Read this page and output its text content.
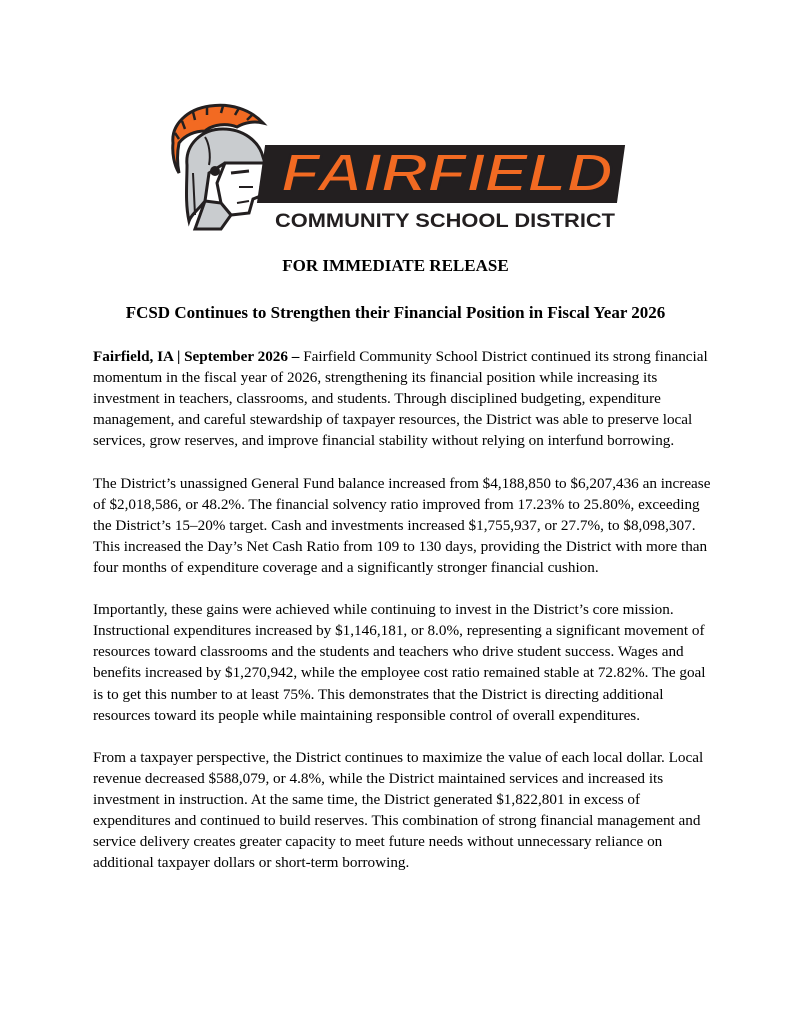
FAIRFIELD
COMMUNITY SCHOOL DISTRICT
FOR IMMEDIATE RELEASE
FCSD Continues to Strengthen their Financial Position in Fiscal Year 2026

Fairfield, IA | September 2026 – Fairfield Community School District continued its strong financial momentum in the fiscal year of 2026, strengthening its financial position while increasing its investment in teachers, classrooms, and students. Through disciplined budgeting, expenditure management, and careful stewardship of taxpayer resources, the District was able to preserve local services, grow reserves, and improve financial stability without relying on interfund borrowing.

The District’s unassigned General Fund balance increased from $4,188,850 to $6,207,436 an increase of $2,018,586, or 48.2%. The financial solvency ratio improved from 17.23% to 25.80%, exceeding the District’s 15–20% target. Cash and investments increased $1,755,937, or 27.7%, to $8,098,307. This increased the Day’s Net Cash Ratio from 109 to 130 days, providing the District with more than four months of expenditure coverage and a significantly stronger financial cushion.

Importantly, these gains were achieved while continuing to invest in the District’s core mission. Instructional expenditures increased by $1,146,181, or 8.0%, representing a significant movement of resources toward classrooms and the students and teachers who drive student success. Wages and benefits increased by $1,270,942, while the employee cost ratio remained stable at 72.82%. The goal is to get this number to at least 75%. This demonstrates that the District is directing additional resources toward its people while maintaining responsible control of overall expenditures.

From a taxpayer perspective, the District continues to maximize the value of each local dollar. Local revenue decreased $588,079, or 4.8%, while the District maintained services and increased its investment in instruction. At the same time, the District generated $1,822,801 in excess of expenditures and continued to build reserves. This combination of strong financial management and service delivery creates greater capacity to meet future needs without unnecessary reliance on additional taxpayer dollars or short-term borrowing.
